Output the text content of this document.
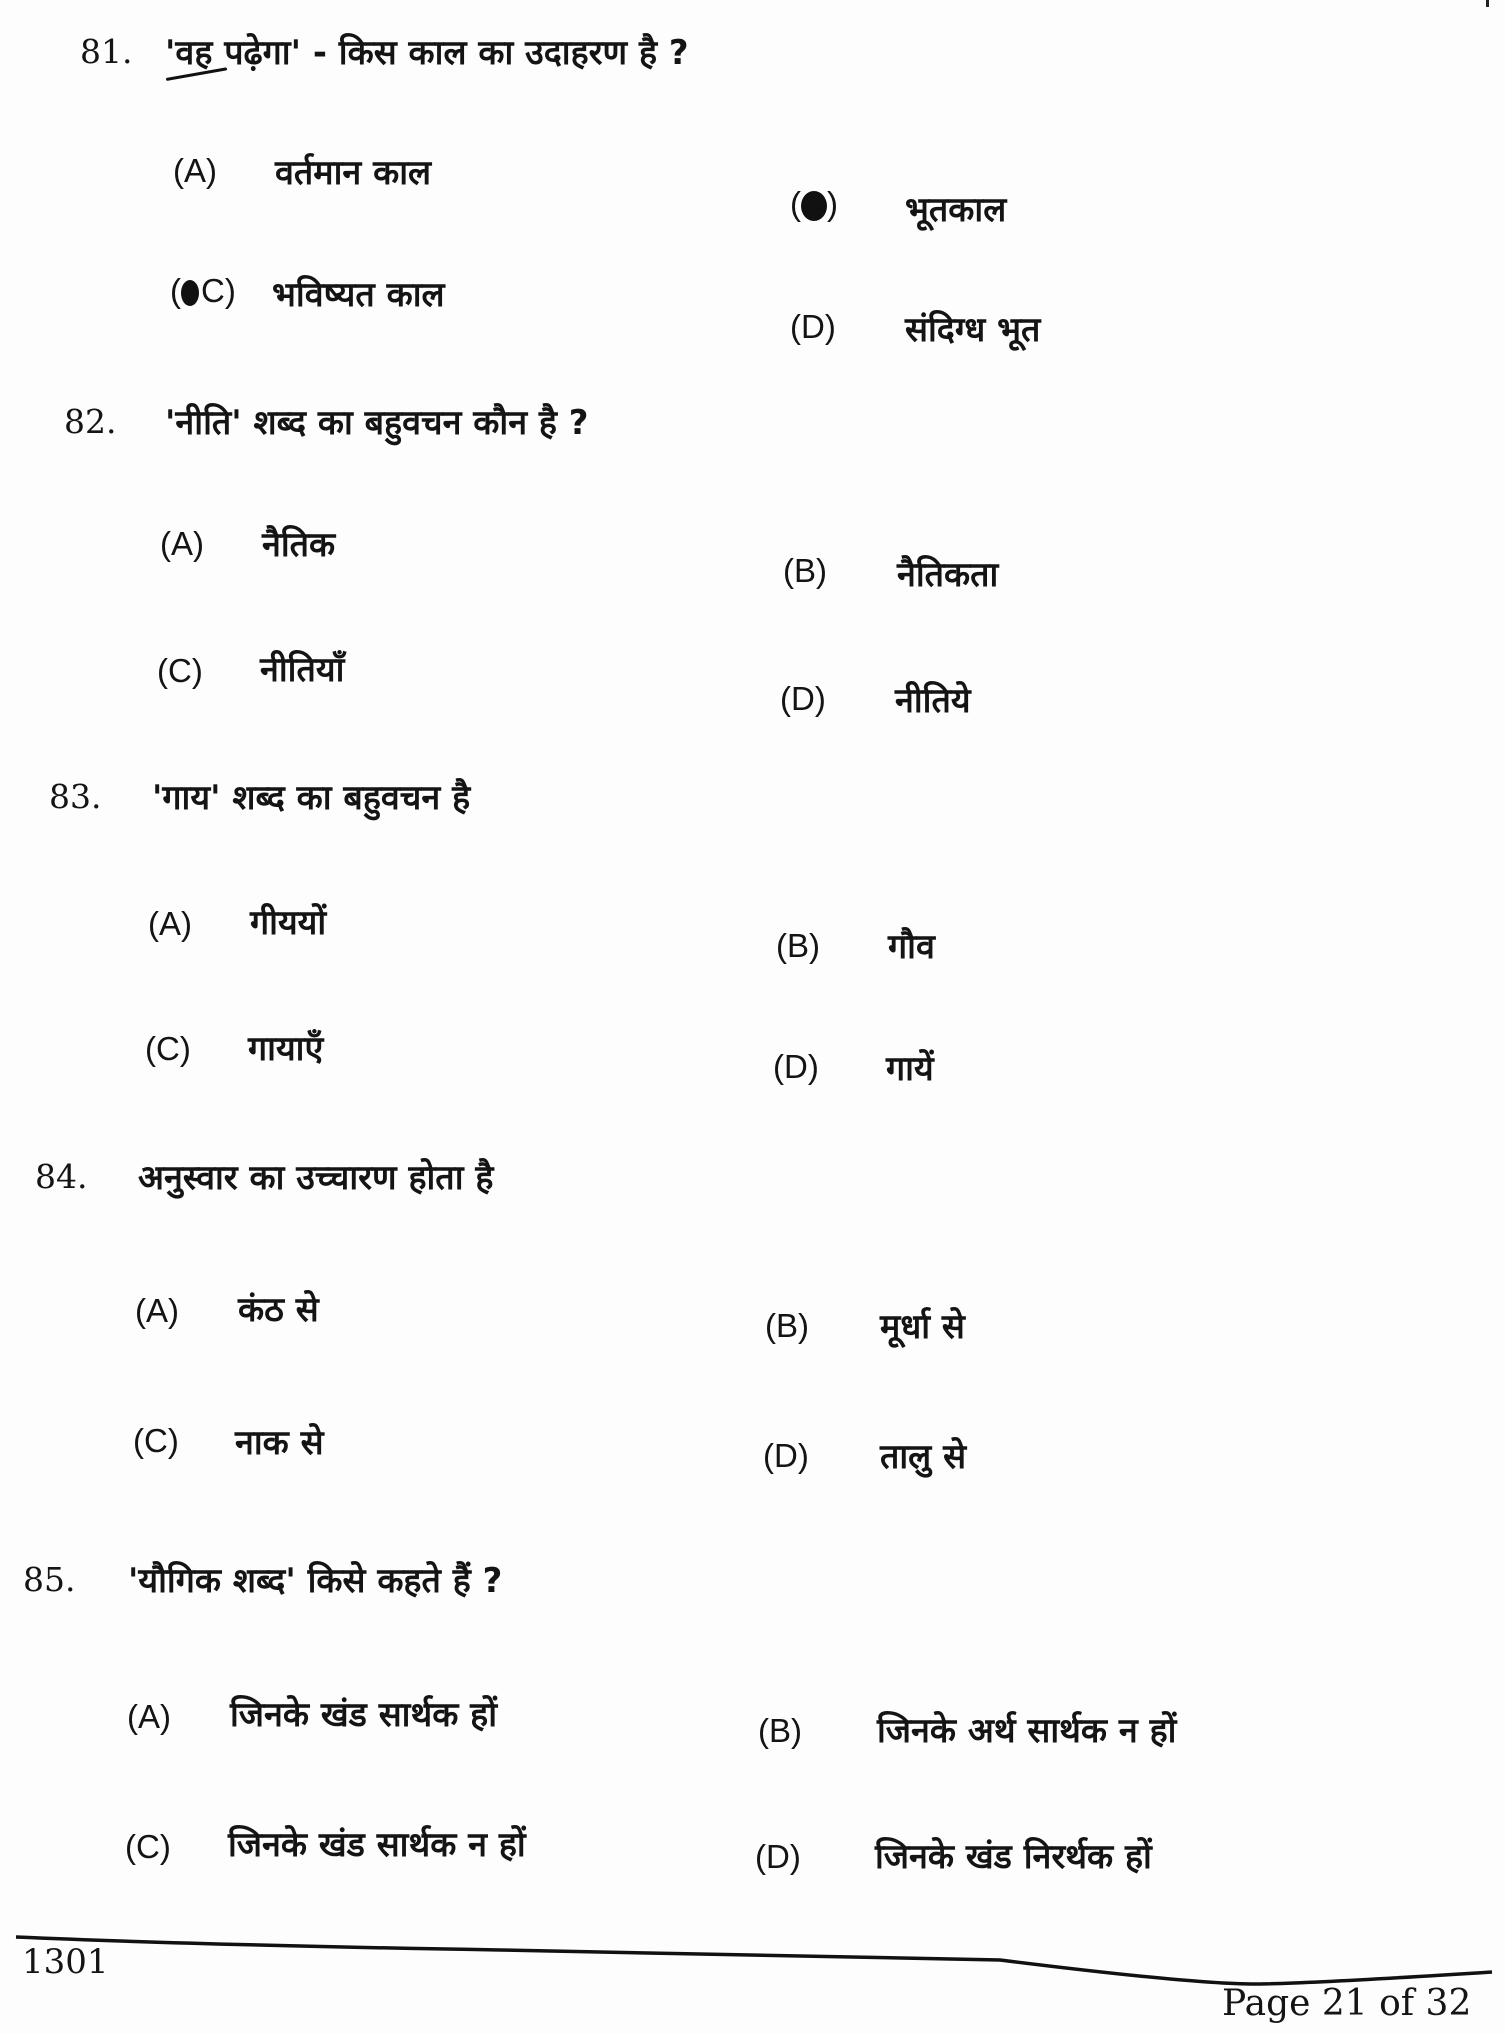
81. 'वह पढ़ेगा' - किस काल का उदाहरण है ?
(A) वर्तमान काल
( ) भूतकाल
( C) भविष्यत काल
(D) संदिग्ध भूत
82. 'नीति' शब्द का बहुवचन कौन है ?
(A) नैतिक
(B) नैतिकता
(C) नीतियाँ
(D) नीतिये
83. 'गाय' शब्द का बहुवचन है
(A) गीययों
(B) गौव
(C) गायाएँ	(D) गायें
84. अनुस्वार का उच्चारण होता है
(A) कंठ से	(B) मूर्धा से
(C) नाक से	(D) तालु से
85. 'यौगिक शब्द' किसे कहते हैं ?
(A) जिनके खंड सार्थक हों	(B) जिनके अर्थ सार्थक न हों
(C) जिनके खंड सार्थक न हों	(D) जिनके खंड निरर्थक हों
1301
Page 21 of 32
